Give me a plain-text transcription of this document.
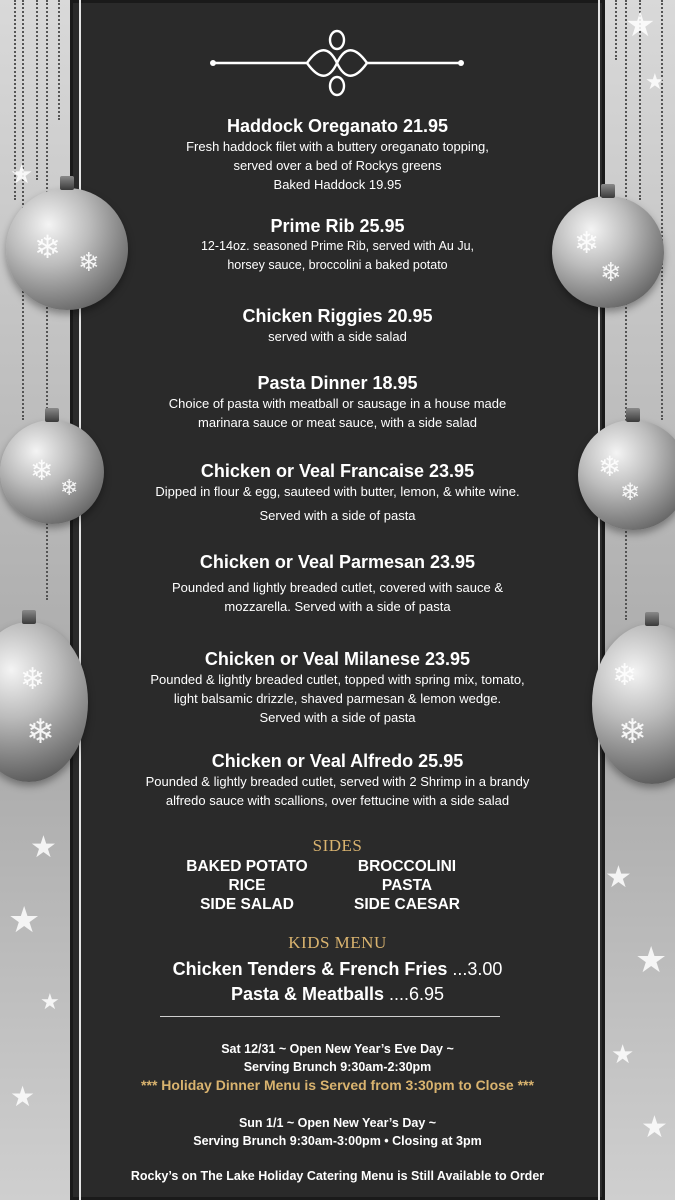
★
★
★
★
★
★
★
★
★
★
★
❄ ❄
❄
❄
❄
❄
❄
❄
❄
❄
❄
❄
Haddock Oreganato 21.95

Fresh haddock filet with a buttery oreganato topping,

served over a bed of Rockys greens

Baked Haddock 19.95

Prime Rib 25.95

12-14oz. seasoned Prime Rib, served with Au Ju,

horsey sauce, broccolini a baked potato

Chicken Riggies 20.95

served with a side salad

Pasta Dinner 18.95

Choice of pasta with meatball or sausage in a house made

marinara sauce or meat sauce, with a side salad

Chicken or Veal Francaise 23.95

Dipped in flour & egg, sauteed with butter, lemon, & white wine.

Served with a side of pasta

Chicken or Veal Parmesan 23.95

Pounded and lightly breaded cutlet, covered with sauce &

mozzarella. Served with a side of pasta

Chicken or Veal Milanese 23.95

Pounded & lightly breaded cutlet, topped with spring mix, tomato,

light balsamic drizzle, shaved parmesan & lemon wedge.

Served with a side of pasta

Chicken or Veal Alfredo 25.95

Pounded & lightly breaded cutlet, served with 2 Shrimp in a brandy

alfredo sauce with scallions, over fettucine with a side salad

SIDES
KIDS MENU
Chicken Tenders & French Fries ...3.00
Pasta & Meatballs ....6.95
Sat 12/31 ~ Open New Year’s Eve Day ~
Serving Brunch 9:30am-2:30pm
*** Holiday Dinner Menu is Served from 3:30pm to Close ***
Sun 1/1 ~ Open New Year’s Day ~
Serving Brunch 9:30am-3:00pm • Closing at 3pm
Rocky’s on The Lake Holiday Catering Menu is Still Available to Order
BAKED POTATO	BROCCOLINI
RICE	PASTA
SIDE SALAD	SIDE CAESAR
